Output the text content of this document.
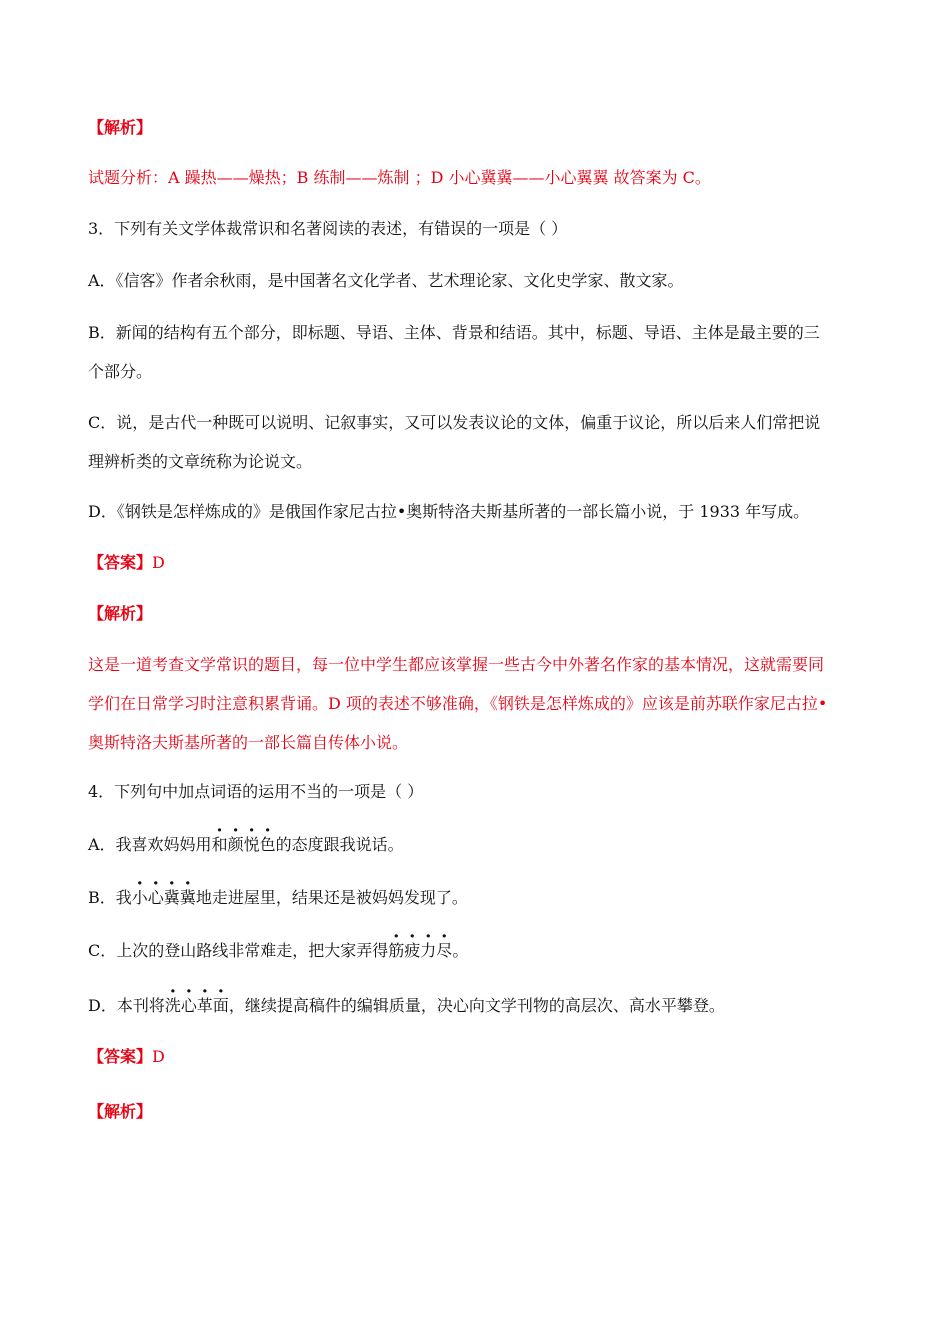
【解析】
试题分析：A 躁热——燥热；B 练制——炼制 ；D 小心冀冀——小心翼翼 故答案为 C。
3．下列有关文学体裁常识和名著阅读的表述，有错误的一项是（ ）
A．《信客》作者余秋雨，是中国著名文化学者、艺术理论家、文化史学家、散文家。
B．新闻的结构有五个部分，即标题、导语、主体、背景和结语。其中，标题、导语、主体是最主要的三
个部分。
C．说，是古代一种既可以说明、记叙事实，又可以发表议论的文体，偏重于议论，所以后来人们常把说
理辨析类的文章统称为论说文。
D．《钢铁是怎样炼成的》是俄国作家尼古拉•奥斯特洛夫斯基所著的一部长篇小说，于 1933 年写成。
【答案】D
【解析】
这是一道考查文学常识的题目，每一位中学生都应该掌握一些古今中外著名作家的基本情况，这就需要同
学们在日常学习时注意积累背诵。D 项的表述不够准确，《钢铁是怎样炼成的》应该是前苏联作家尼古拉•
奥斯特洛夫斯基所著的一部长篇自传体小说。
4．下列句中加点词语的运用不当的一项是（ ）
A．我喜欢妈妈用和颜悦色的态度跟我说话。
B．我小心冀冀地走进屋里，结果还是被妈妈发现了。
C．上次的登山路线非常难走，把大家弄得筋疲力尽。
D．本刊将洗心革面，继续提高稿件的编辑质量，决心向文学刊物的高层次、高水平攀登。
【答案】D
【解析】
